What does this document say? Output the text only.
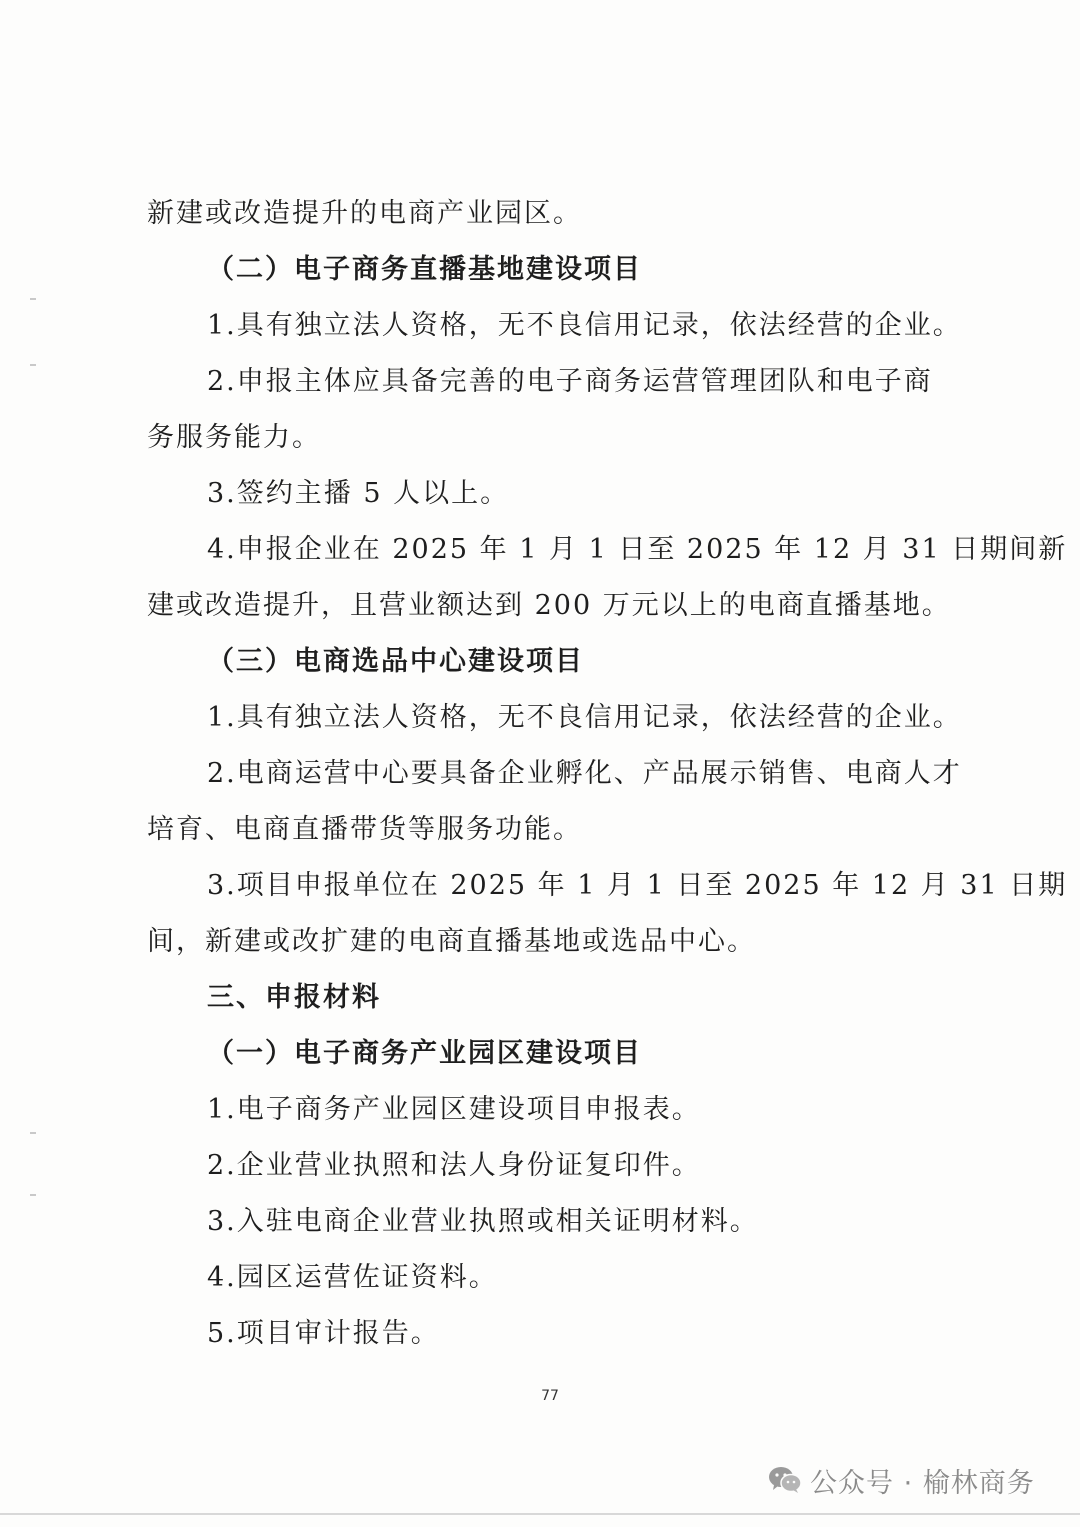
新建或改造提升的电商产业园区。
（二）电子商务直播基地建设项目
1.具有独立法人资格，无不良信用记录，依法经营的企业。
2.申报主体应具备完善的电子商务运营管理团队和电子商
务服务能力。
3.签约主播 5 人以上。
4.申报企业在 2025 年 1 月 1 日至 2025 年 12 月 31 日期间新
建或改造提升，且营业额达到 200 万元以上的电商直播基地。
（三）电商选品中心建设项目
1.具有独立法人资格，无不良信用记录，依法经营的企业。
2.电商运营中心要具备企业孵化、产品展示销售、电商人才
培育、电商直播带货等服务功能。
3.项目申报单位在 2025 年 1 月 1 日至 2025 年 12 月 31 日期
间，新建或改扩建的电商直播基地或选品中心。
三、申报材料
（一）电子商务产业园区建设项目
1.电子商务产业园区建设项目申报表。
2.企业营业执照和法人身份证复印件。
3.入驻电商企业营业执照或相关证明材料。
4.园区运营佐证资料。
5.项目审计报告。
77
公众号 · 榆林商务
